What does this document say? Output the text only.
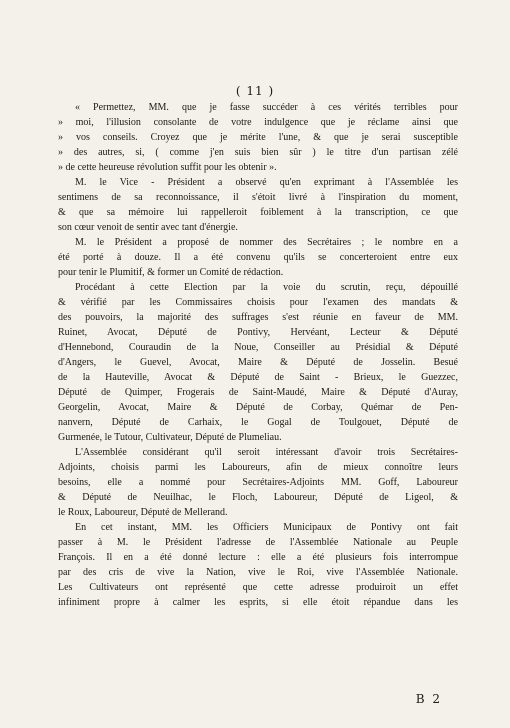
( 11 )
« Permettez, MM. que je fasse succéder à ces vérités terribles pour
» moi, l'illusion consolante de votre indulgence que je réclame ainsi que
» vos conseils. Croyez que je mérite l'une, & que je serai susceptible
» des autres, si, ( comme j'en suis bien sûr ) le titre d'un partisan zélé
» de cette heureuse révolution suffit pour les obtenir ».
M. le Vice - Président a observé qu'en exprimant à l'Assemblée les
sentimens de sa reconnoissance, il s'étoit livré à l'inspiration du moment,
& que sa mémoire lui rappelleroit foiblement à la transcription, ce que
son cœur venoit de sentir avec tant d'énergie.
M. le Président a proposé de nommer des Secrétaires ; le nombre en a
été porté à douze. Il a été convenu qu'ils se concerteroient entre eux
pour tenir le Plumitif, & former un Comité de rédaction.
Procédant à cette Election par la voie du scrutin, reçu, dépouillé
& vérifié par les Commissaires choisis pour l'examen des mandats &
des pouvoirs, la majorité des suffrages s'est réunie en faveur de MM.
Ruinet, Avocat, Député de Pontivy, Hervéant, Lecteur & Député
d'Hennebond, Couraudin de la Noue, Conseiller au Présidial & Député
d'Angers, le Guevel, Avocat, Maire & Député de Josselin. Besué
de la Hauteville, Avocat & Député de Saint - Brieux, le Guezzec,
Député de Quimper, Frogerais de Saint-Maudé, Maire & Député d'Auray,
Georgelin, Avocat, Maire & Député de Corbay, Quémar de Pen-
nanvern, Député de Carhaix, le Gogal de Toulgouet, Député de
Gurmenée, le Tutour, Cultivateur, Député de Plumeliau.
L'Assemblée considérant qu'il seroit intéressant d'avoir trois Secrétaires-
Adjoints, choisis parmi les Laboureurs, afin de mieux connoître leurs
besoins, elle a nommé pour Secrétaires-Adjoints MM. Goff, Laboureur
& Député de Neuilhac, le Floch, Laboureur, Député de Ligeol, &
le Roux, Laboureur, Député de Mellerand.
En cet instant, MM. les Officiers Municipaux de Pontivy ont fait
passer à M. le Président l'adresse de l'Assemblée Nationale au Peuple
François. Il en a été donné lecture : elle a été plusieurs fois interrompue
par des cris de vive la Nation, vive le Roi, vive l'Assemblée Nationale.
Les Cultivateurs ont représenté que cette adresse produiroit un effet
infiniment propre à calmer les esprits, si elle étoit répandue dans les
B 2
